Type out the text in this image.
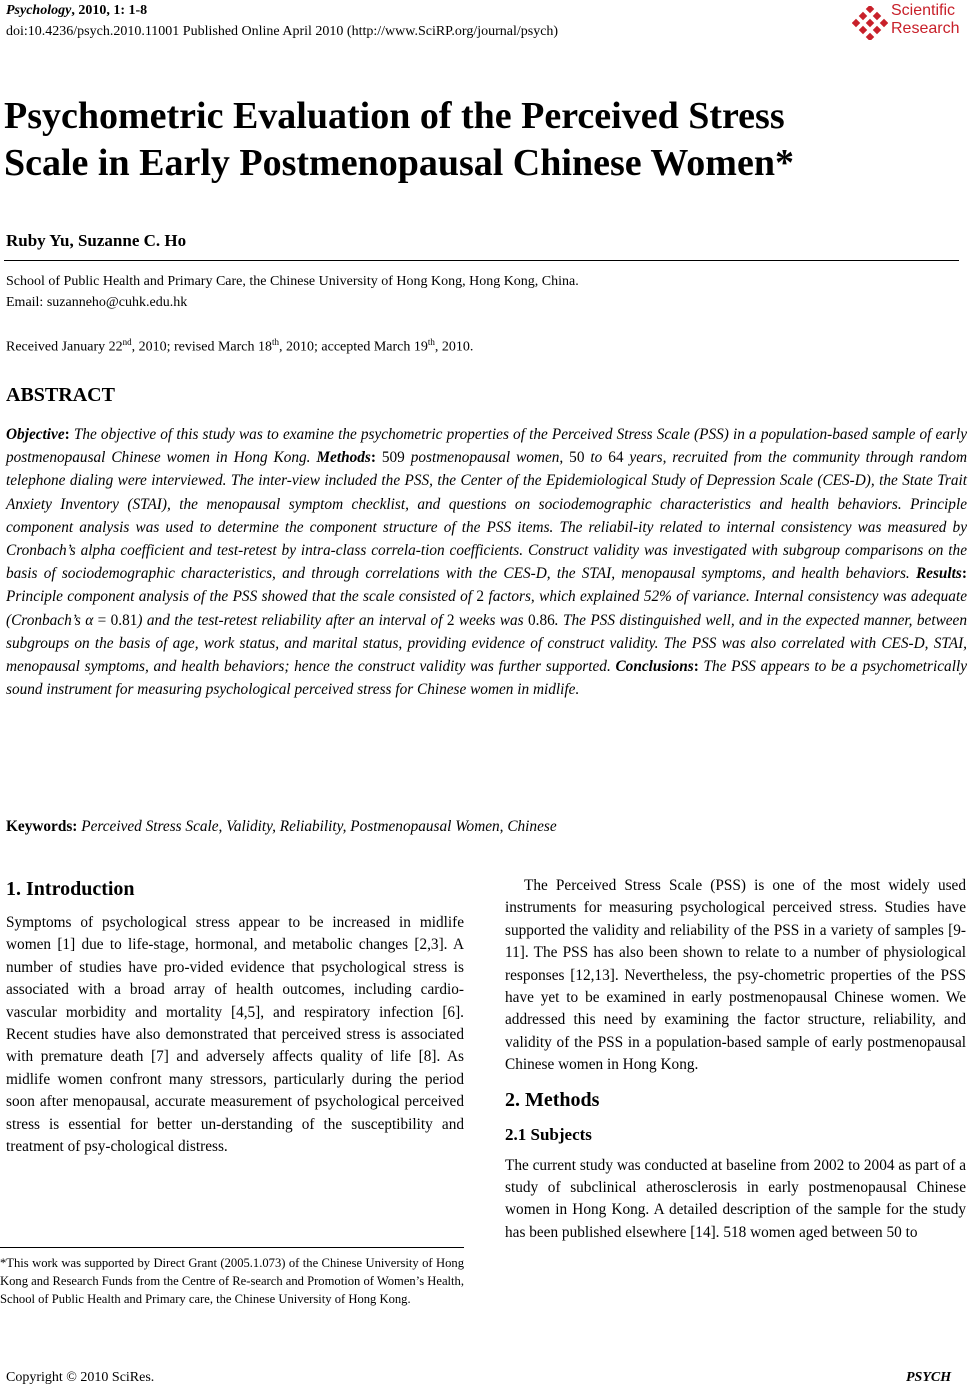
Psychology, 2010, 1: 1-8
doi:10.4236/psych.2010.11001 Published Online April 2010 (http://www.SciRP.org/journal/psych)
Scientific
Research
Psychometric Evaluation of the Perceived Stress
Scale in Early Postmenopausal Chinese Women*
Ruby Yu, Suzanne C. Ho
School of Public Health and Primary Care, the Chinese University of Hong Kong, Hong Kong, China.
Email: suzanneho@cuhk.edu.hk
Received January 22nd, 2010; revised March 18th, 2010; accepted March 19th, 2010.
ABSTRACT
Objective: The objective of this study was to examine the psychometric properties of the Perceived Stress Scale (PSS) in a population-based sample of early postmenopausal Chinese women in Hong Kong. Methods: 509 postmenopausal women, 50 to 64 years, recruited from the community through random telephone dialing were interviewed. The inter-view included the PSS, the Center of the Epidemiological Study of Depression Scale (CES-D), the State Trait Anxiety Inventory (STAI), the menopausal symptom checklist, and questions on sociodemographic characteristics and health behaviors. Principle component analysis was used to determine the component structure of the PSS items. The reliabil-ity related to internal consistency was measured by Cronbach’s alpha coefficient and test-retest by intra-class correla-tion coefficients. Construct validity was investigated with subgroup comparisons on the basis of sociodemographic characteristics, and through correlations with the CES-D, the STAI, menopausal symptoms, and health behaviors. Results: Principle component analysis of the PSS showed that the scale consisted of 2 factors, which explained 52% of variance. Internal consistency was adequate (Cronbach’s α = 0.81) and the test-retest reliability after an interval of 2 weeks was 0.86. The PSS distinguished well, and in the expected manner, between subgroups on the basis of age, work status, and marital status, providing evidence of construct validity. The PSS was also correlated with CES-D, STAI, menopausal symptoms, and health behaviors; hence the construct validity was further supported. Conclusions: The PSS appears to be a psychometrically sound instrument for measuring psychological perceived stress for Chinese women in midlife.
Keywords: Perceived Stress Scale, Validity, Reliability, Postmenopausal Women, Chinese
1. Introduction

Symptoms of psychological stress appear to be increased in midlife women [1] due to life-stage, hormonal, and metabolic changes [2,3]. A number of studies have pro-vided evidence that psychological stress is associated with a broad array of health outcomes, including cardio-vascular morbidity and mortality [4,5], and respiratory infection [6]. Recent studies have also demonstrated that perceived stress is associated with premature death [7] and adversely affects quality of life [8]. As midlife women confront many stressors, particularly during the period soon after menopausal, accurate measurement of psychological perceived stress is essential for better un-derstanding of the susceptibility and treatment of psy-chological distress.

*This work was supported by Direct Grant (2005.1.073) of the Chinese University of Hong Kong and Research Funds from the Centre of Re-search and Promotion of Women’s Health, School of Public Health and Primary care, the Chinese University of Hong Kong.

The Perceived Stress Scale (PSS) is one of the most widely used instruments for measuring psychological perceived stress. Studies have supported the validity and reliability of the PSS in a variety of samples [9-11]. The PSS has also been shown to relate to a number of physiological responses [12,13]. Nevertheless, the psy-chometric properties of the PSS have yet to be examined in early postmenopausal Chinese women. We addressed this need by examining the factor structure, reliability, and validity of the PSS in a population-based sample of early postmenopausal Chinese women in Hong Kong.

2. Methods
2.1 Subjects

The current study was conducted at baseline from 2002 to 2004 as part of a study of subclinical atherosclerosis in early postmenopausal Chinese women in Hong Kong. A detailed description of the sample for the study has been published elsewhere [14]. 518 women aged between 50 to

Copyright © 2010 SciRes.	PSYCH
